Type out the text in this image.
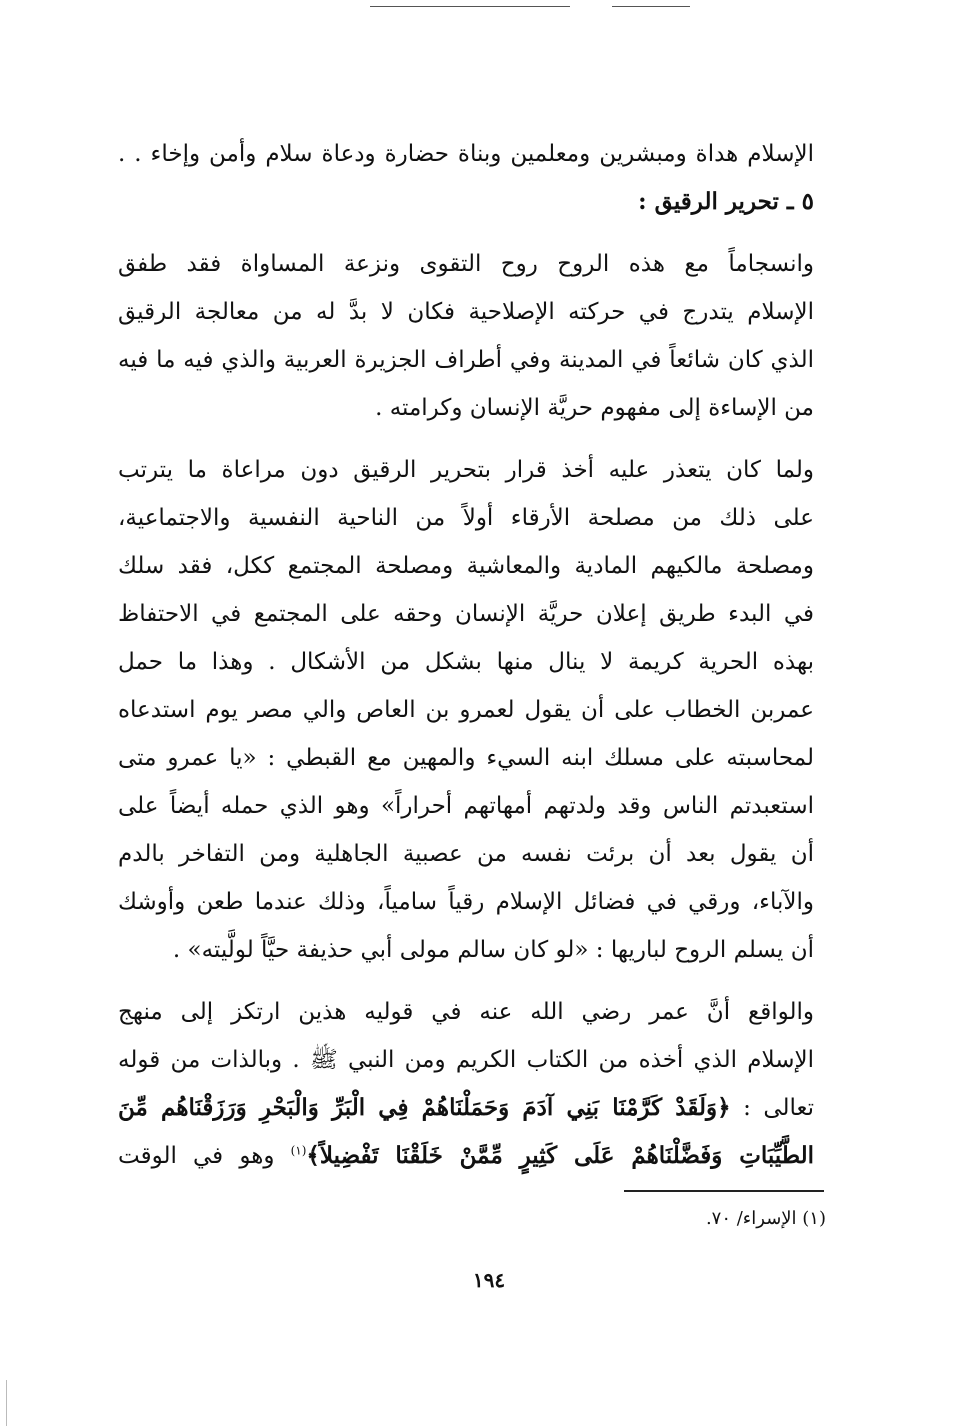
الإسلام هداة ومبشرين ومعلمين وبناة حضارة ودعاة سلام وأمن وإخاء . .
٥ ـ تحرير الرقيق :
وانسجاماً مع هذه الروح روح التقوى ونزعة المساواة فقد طفق
الإسلام يتدرج في حركته الإصلاحية فكان لا بدَّ له من معالجة الرقيق
الذي كان شائعاً في المدينة وفي أطراف الجزيرة العربية والذي فيه ما فيه
من الإساءة إلى مفهوم حريَّة الإنسان وكرامته .
ولما كان يتعذر عليه أخذ قرار بتحرير الرقيق دون مراعاة ما يترتب
على ذلك من مصلحة الأرقاء أولاً من الناحية النفسية والاجتماعية،
ومصلحة مالكيهم المادية والمعاشية ومصلحة المجتمع ككل، فقد سلك
في البدء طريق إعلان حريَّة الإنسان وحقه على المجتمع في الاحتفاظ
بهذه الحرية كريمة لا ينال منها بشكل من الأشكال . وهذا ما حمل
عمربن الخطاب على أن يقول لعمرو بن العاص والي مصر يوم استدعاه
لمحاسبته على مسلك ابنه السيء والمهين مع القبطي : «يا عمرو متى
استعبدتم الناس وقد ولدتهم أمهاتهم أحراراً» وهو الذي حمله أيضاً على
أن يقول بعد أن برئت نفسه من عصبية الجاهلية ومن التفاخر بالدم
والآباء، ورقي في فضائل الإسلام رقياً سامياً، وذلك عندما طعن وأوشك
أن يسلم الروح لباريها : «لو كان سالم مولى أبي حذيفة حيَّاً لولَّيته» .
والواقع أنَّ عمر رضي الله عنه في قوليه هذين ارتكز إلى منهج
الإسلام الذي أخذه من الكتاب الكريم ومن النبي ﷺ . وبالذات من قوله
تعالى : ﴿وَلَقَدْ كَرَّمْنَا بَنِي آدَمَ وَحَمَلْنَاهُمْ فِي الْبَرِّ وَالْبَحْرِ وَرَزَقْنَاهُم مِّنَ
الطَّيِّبَاتِ وَفَضَّلْنَاهُمْ عَلَى كَثِيرٍ مِّمَّنْ خَلَقْنَا تَفْضِيلاً﴾$^{(١)}$ وهو في الوقت
(١) الإسراء/ ٧٠.
١٩٤
